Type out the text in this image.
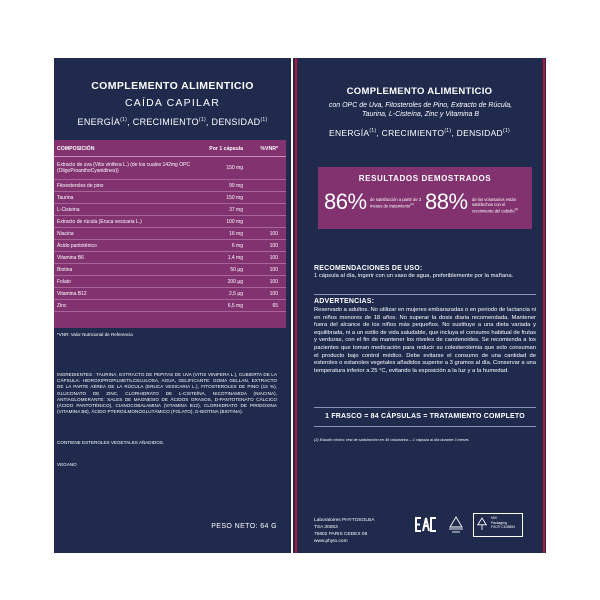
COMPLEMENTO ALIMENTICIO
CAÍDA CAPILAR
ENERGÍA$^{(1)}$, CRECIMIENTO$^{(1)}$, DENSIDAD$^{(1)}$
COMPOSICIÓN	Por 1 cápsula	%VNR*
Extracto de uva (Vitis vinifera L.) (de los cuales 142mg OPC (OligoProanthoCyanidines))	150 mg	
Fitoesteroles de pino	99 mg	
Taurina	150 mg	
L-Cisteina	37 mg	
Extracto de rúcula (Eruca vesicaria L.)	100 mg	
Niacina	16 mg	100
Ácido pantoténico	6 mg	100
Vitamina B6	1,4 mg	100
Biotina	50 µg	100
Folato	200 µg	100
Vitamina B12	2,5 µg	100
Zinc	6,5 mg	65
*VNR: Valor Nutricional de Referencia
INGREDIENTES : TAURINA, EXTRACTO DE PEPITAS DE UVA (VITIS VINIFERA L.), CUBIERTA DE LA CÁPSULA: HIDROXIPROPILMETILCELULOSA, AGUA, GELIFICANTE: GOMA GELLAN, EXTRACTO DE LA PARTE AÉREA DE LA RÚCULA (ERUCA VESICARIA L.), FITOSTEROLES DE PINO (13 %), GLUCONATO DE ZINC, CLORHIDRATO DE L-CISTEÍNA, NICOTINAMIDA (NIACINA), ANTIAGLOMERANTE: SALES DE MAGNESIO DE ÁCIDOS GRASOS, D-PANTOTENATO CÁLCICO (ÁCIDO PANTOTÉNICO), CIANOCOBALAMINA (VITAMINA B12), CLORHIDRATO DE PIRIDOXINA (VITAMINA B6), ÁCIDO PTEROILMONOGLUTÁMICO (FOLATO), D-BIOTINA (BIOTINA).
CONTIENE ESTEROLES VEGETALES AÑADIDOS.
VEGANO
PESO NETO: 64 G
COMPLEMENTO ALIMENTICIO
con OPC de Uva, Fitosteroles de Pino, Extracto de Rúcula, Taurina, L-Cisteína, Zinc y Vitamina B
ENERGÍA$^{(1)}$, CRECIMIENTO$^{(1)}$, DENSIDAD$^{(1)}$
RESULTADOS DEMOSTRADOS
86% de satisfacción a partir de 3 meses de tratamiento$^{(2)}$ 88% de los voluntarios están satisfechos con el crecimiento del cabello$^{(2)}$
RECOMENDACIONES DE USO:
1 cápsula al día, ingerir con un vaso de agua, preferiblemente por la mañana.
ADVERTENCIAS:
Reservado a adultos. No utilizar en mujeres embarazadas o en periodo de lactancia ni en niños menores de 18 años. No superar la dosis diaria recomendada. Mantener fuera del alcance de los niños más pequeños. No sustituye a una dieta variada y equilibrada, ni a un estilo de vida saludable, que incluya el consumo habitual de frutas y verduras, con el fin de mantener los niveles de carotenoides. Se recomienda a los pacientes que toman medicación para reducir su colesterolemia que solo consuman el producto bajo control médico. Debe evitarse el consumo de una cantidad de esteroles o estanoles vegetales añadidos superior a 3 gramos al día. Conservar a una temperatura inferior a 25 °C, evitando la exposición a la luz y a la humedad.
1 FRASCO = 84 CÁPSULAS = TRATAMIENTO COMPLETO
(2) Estudio clínico: test de satisfacción en 45 voluntarios – 1 cápsula al día durante 3 meses
Laboratoires PHYTOSOLBA
TSA 30053
75802 PARIS CEDEX 08
www.phyto.com
MIX
Packaging
FSC® C108854
